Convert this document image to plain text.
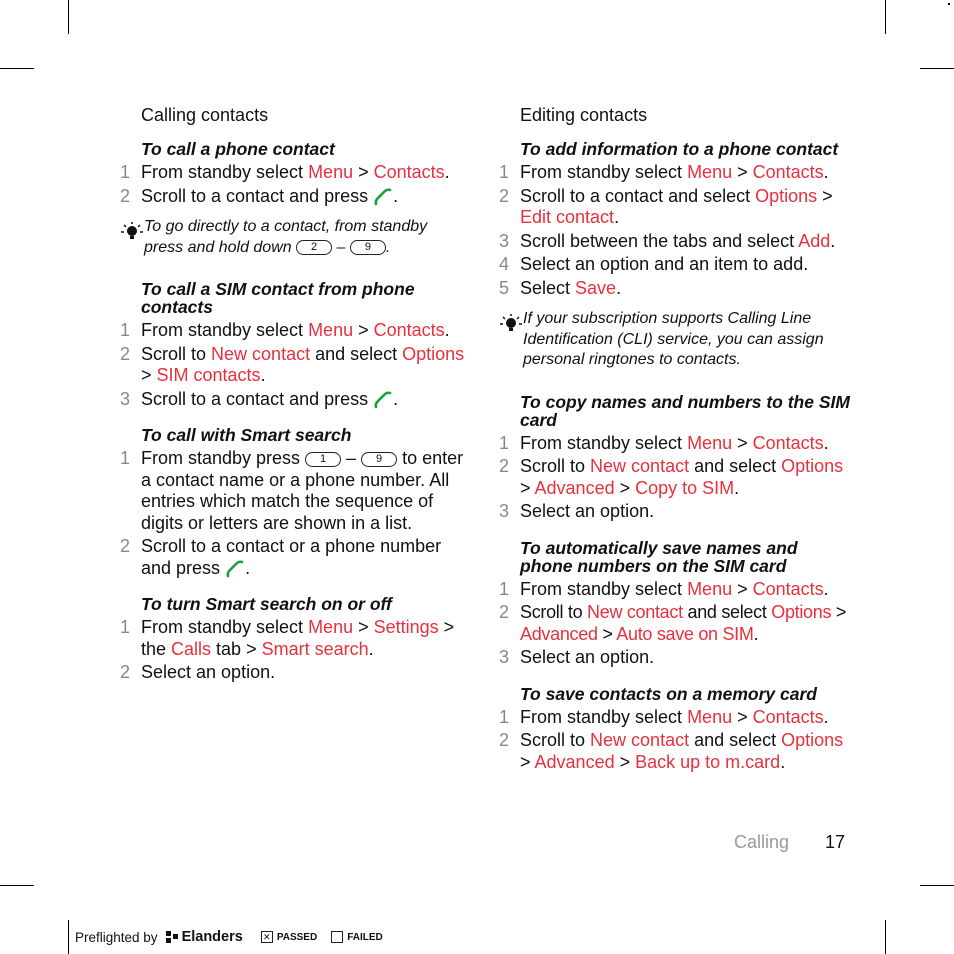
Calling contacts
To call a phone contact
1 From standby select Menu > Contacts.
2 Scroll to a contact and press .
To go directly to a contact, from standby press and hold down 2 – 9 .
To call a SIM contact from phone contacts
1 From standby select Menu > Contacts.
2 Scroll to New contact and select Options > SIM contacts.
3 Scroll to a contact and press .
To call with Smart search
1 From standby press 1 – 9 to enter a contact name or a phone number. All entries which match the sequence of digits or letters are shown in a list.
2 Scroll to a contact or a phone number and press .
To turn Smart search on or off
1 From standby select Menu > Settings > the Calls tab > Smart search.
2 Select an option.
Editing contacts
To add information to a phone contact
1 From standby select Menu > Contacts.
2 Scroll to a contact and select Options > Edit contact.
3 Scroll between the tabs and select Add.
4 Select an option and an item to add.
5 Select Save.
If your subscription supports Calling Line Identification (CLI) service, you can assign personal ringtones to contacts.
To copy names and numbers to the SIM card
1 From standby select Menu > Contacts.
2 Scroll to New contact and select Options > Advanced > Copy to SIM.
3 Select an option.
To automatically save names and phone numbers on the SIM card
1 From standby select Menu > Contacts.
2 Scroll to New contact and select Options > Advanced > Auto save on SIM.
3 Select an option.
To save contacts on a memory card
1 From standby select Menu > Contacts.
2 Scroll to New contact and select Options > Advanced > Back up to m.card.
Calling 17
Preflighted by Elanders ✕ PASSED	FAILED
